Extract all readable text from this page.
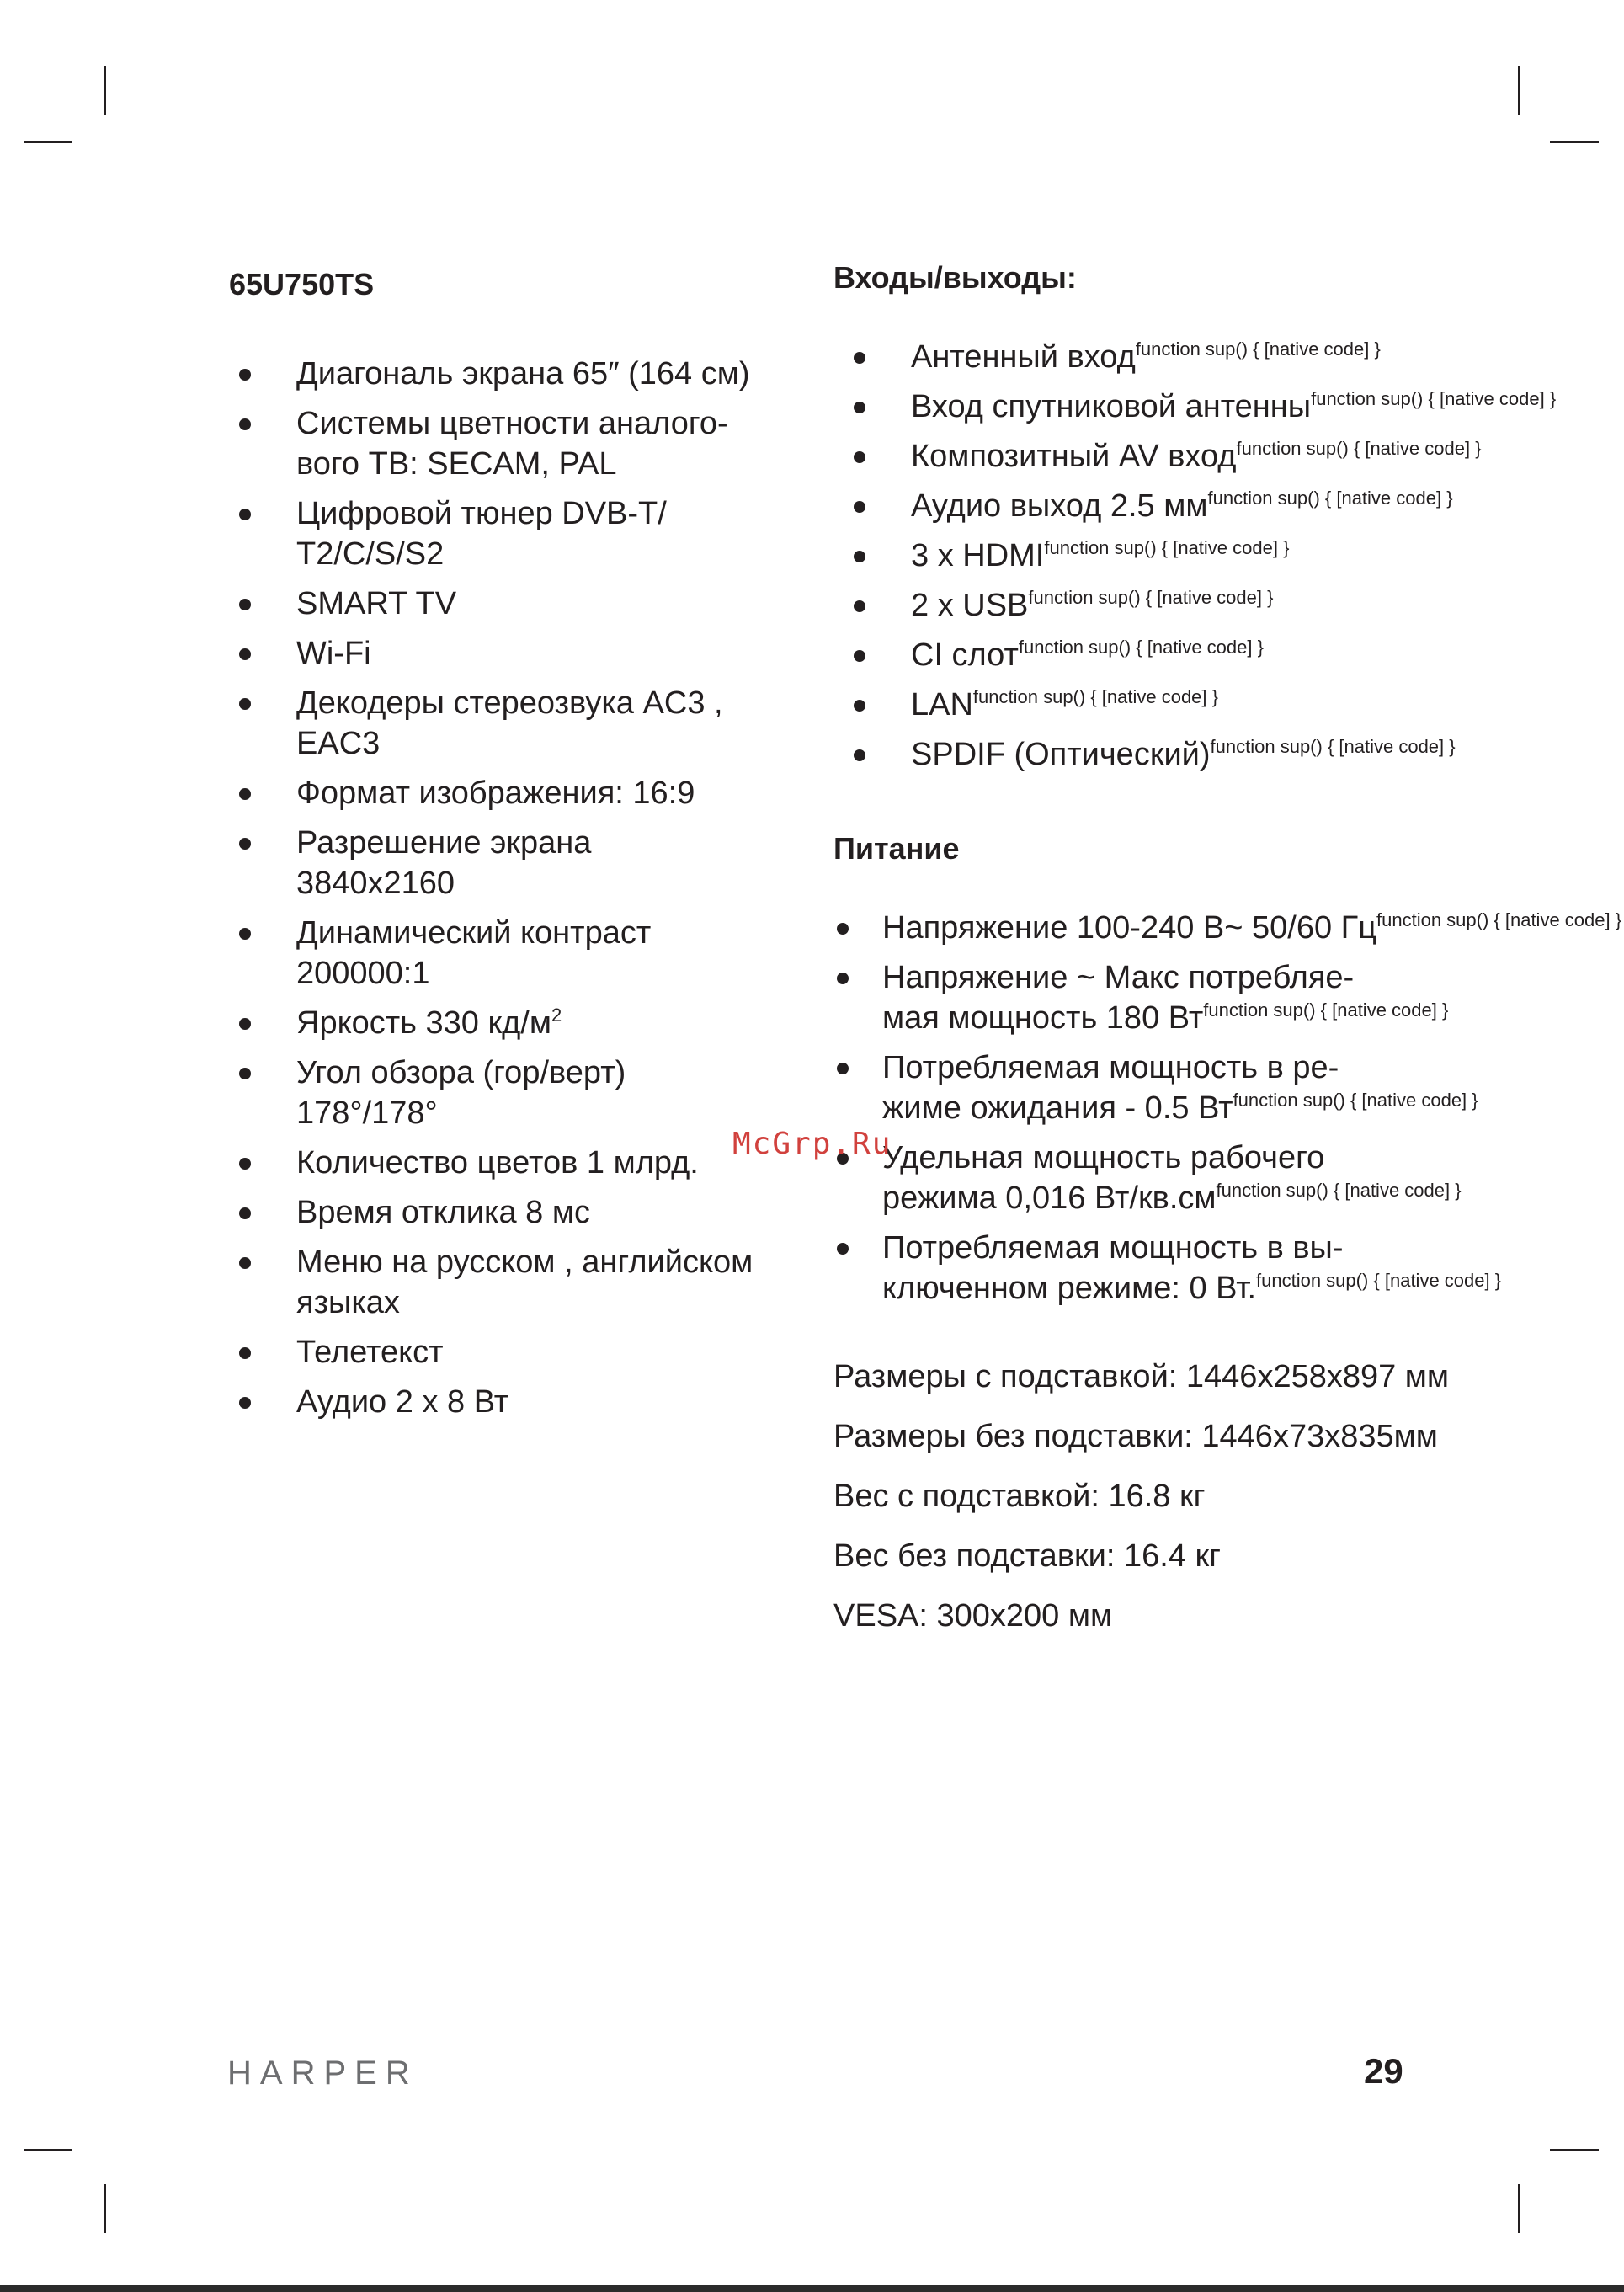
65U750TS
Диагональ экрана 65″ (164 см)
Системы цветности аналого-
вого ТВ: SECAM, PAL
Цифровой тюнер DVB-T/
T2/C/S/S2
SMART TV
Wi-Fi
Декодеры стереозвука AC3 ,
EAC3
Формат изображения: 16:9
Разрешение экрана
3840x2160
Динамический контраст
200000:1
Яркость 330 $кд/м^2$
Угол обзора (гор/верт)
178°/178°
Количество цветов 1 млрд.
Время отклика 8 мс
Меню на русском , английском
языках
Телетекст
Аудио 2 x 8 Вт
Входы/выходы:
Антенный вход$^{function sup() \{ [native code] \}}$
Вход спутниковой антенны$^{function sup() \{ [native code] \}}$
Композитный AV вход$^{function sup() \{ [native code] \}}$
Аудио выход 2.5 $мм^{function sup() \{ [native code] \}}$
3 x $HDMI^{function sup() \{ [native code] \}}$
2 x $USB^{function sup() \{ [native code] \}}$
CI слот$^{function sup() \{ [native code] \}}$
$LAN^{function sup() \{ [native code] \}}$
SPDIF (Оптический)$^{function sup() \{ [native code] \}}$
Питание
Напряжение 100-240 В~ 50/60 $Гц^{function sup() \{ [native code] \}}$
Напряжение ~ Макс потребляе-
мая мощность 180 $Вт^{function sup() \{ [native code] \}}$
Потребляемая мощность в ре-
жиме ожидания - 0.5 $Вт^{function sup() \{ [native code] \}}$
Удельная мощность рабочего
режима 0,016 $Вт/кв.см^{function sup() \{ [native code] \}}$
Потребляемая мощность в вы-
ключенном режиме: 0 Вт.$^{function sup() \{ [native code] \}}$
Размеры с подставкой: 1446x258x897 мм
Размеры без подставки: 1446x73x835мм
Вес с подставкой: 16.8 кг
Вес без подставки: 16.4 кг
VESA: 300x200 мм
McGrp.Ru
HARPER	29
